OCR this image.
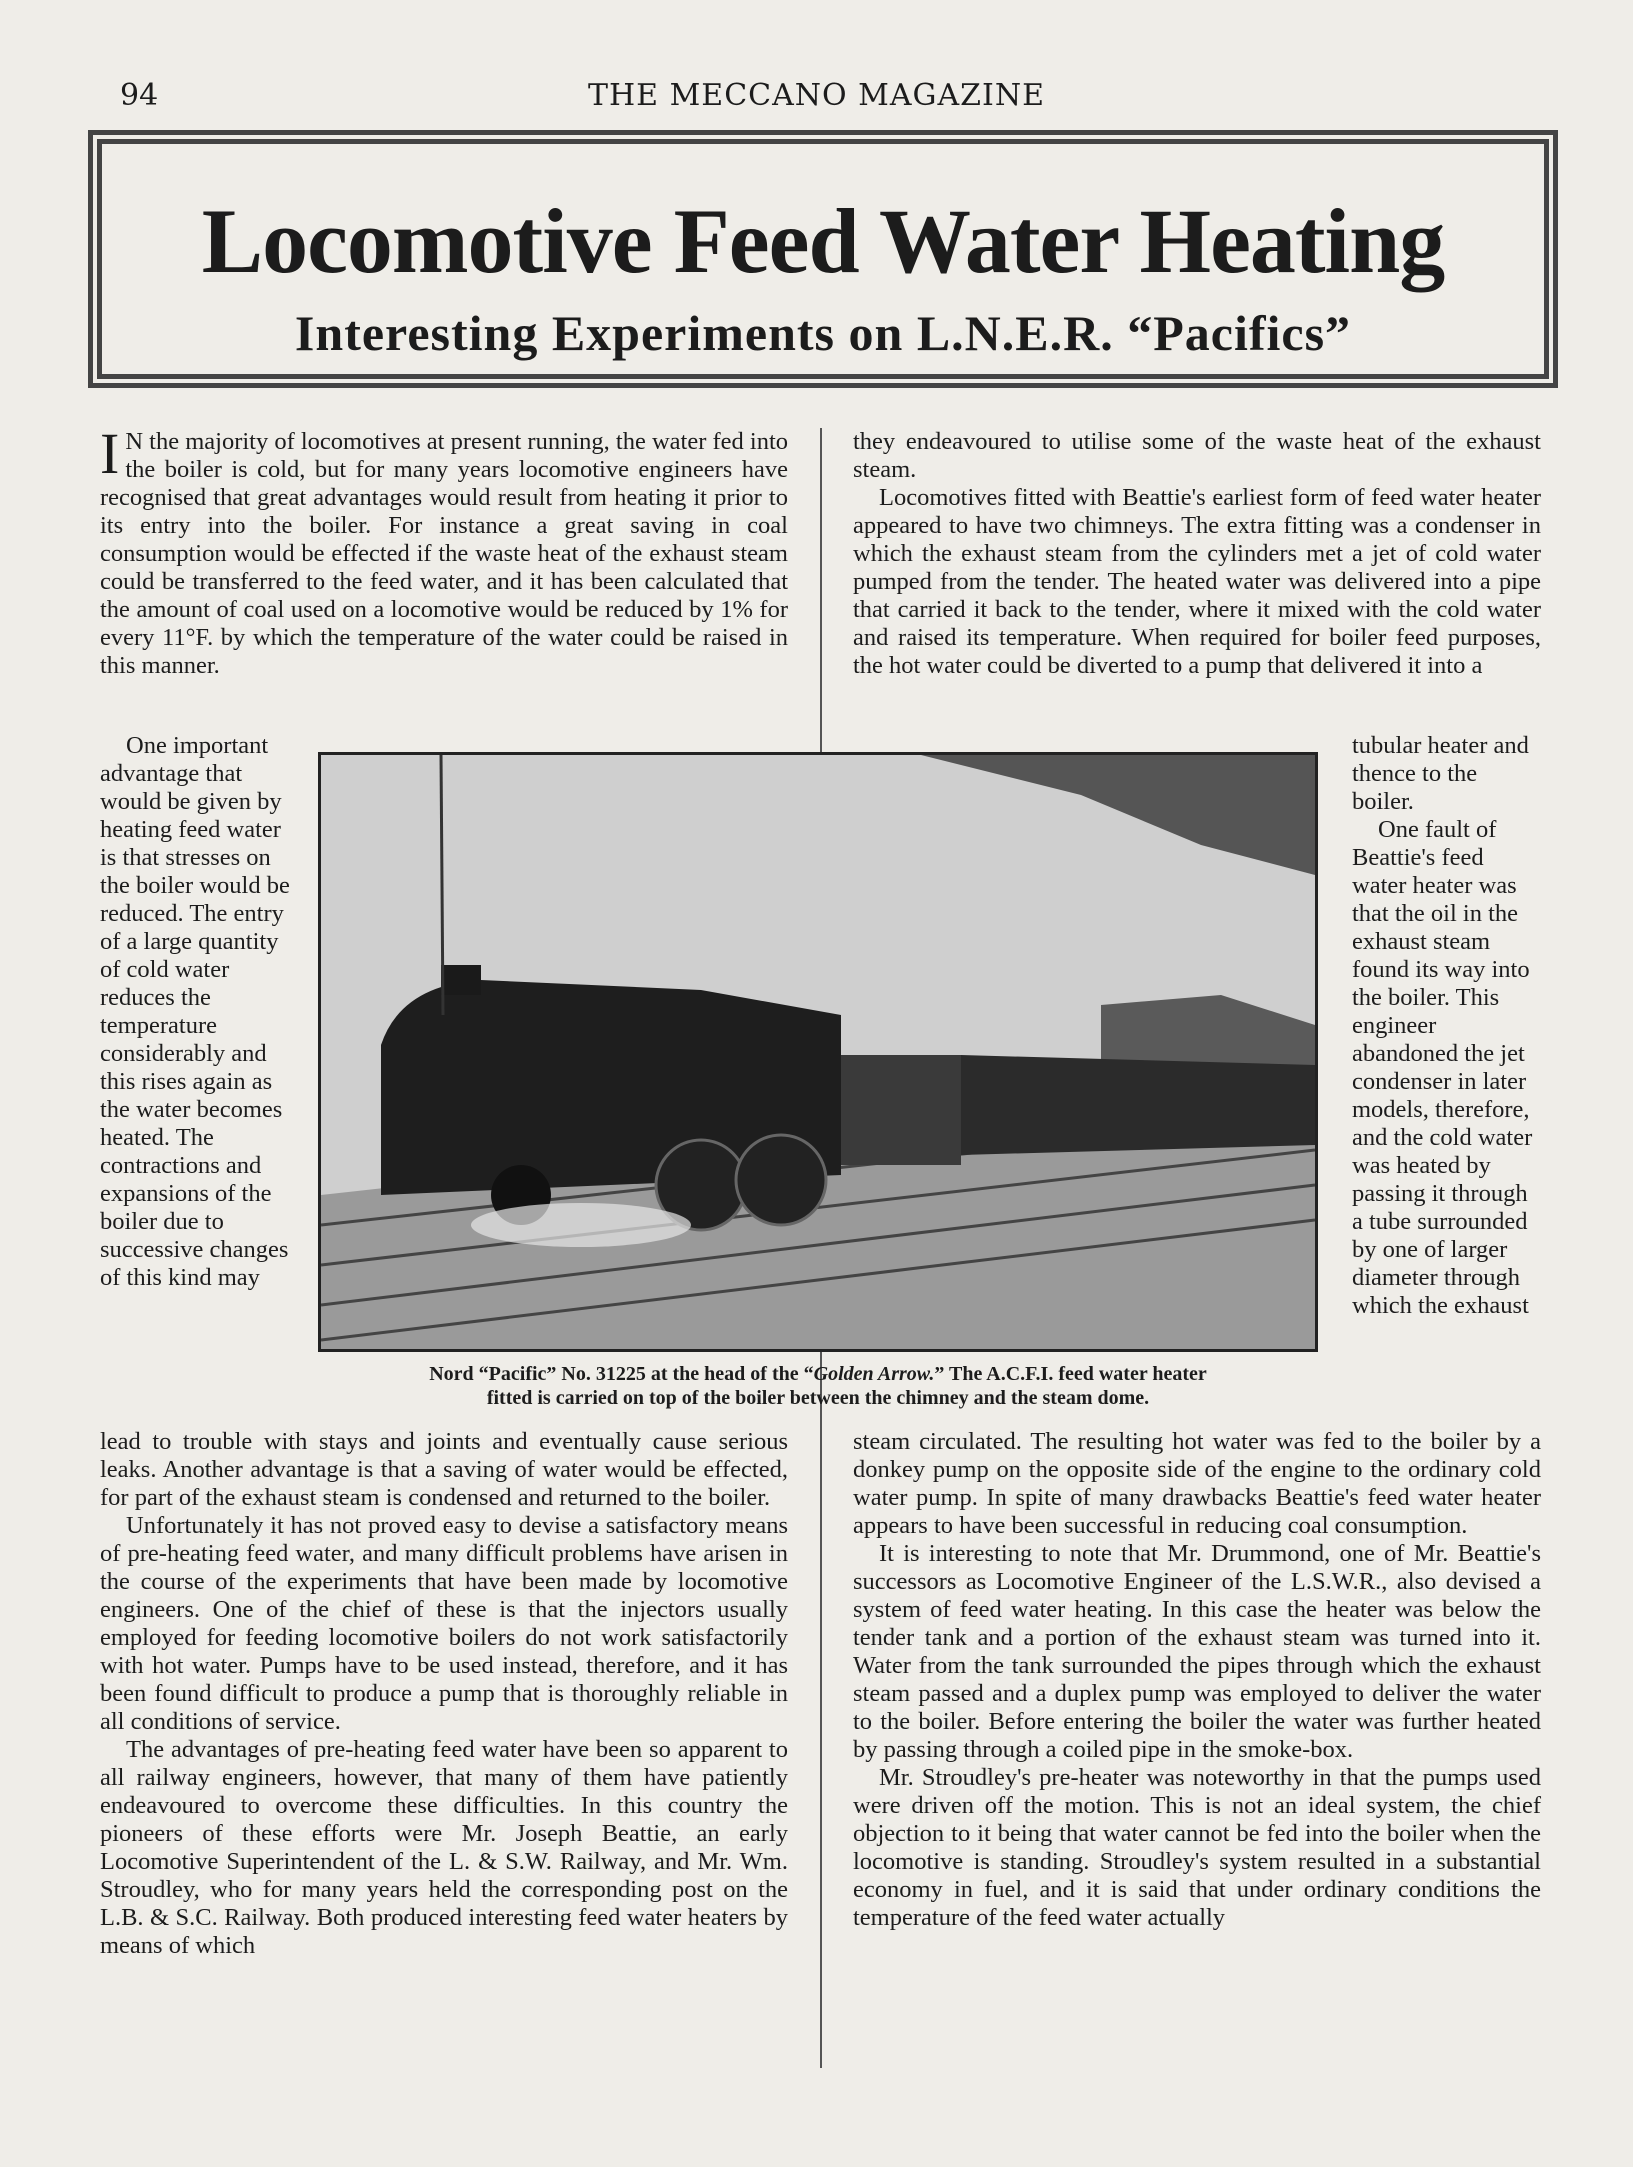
94	THE MECCANO MAGAZINE
Locomotive Feed Water Heating
Interesting Experiments on L.N.E.R. “Pacifics”

I N the majority of locomotives at present running, the water fed into the boiler is cold, but for many years locomotive engineers have recognised that great advantages would result from heating it prior to its entry into the boiler. For instance a great saving in coal consumption would be effected if the waste heat of the exhaust steam could be transferred to the feed water, and it has been calculated that the amount of coal used on a locomotive would be reduced by 1% for every 11°F. by which the temperature of the water could be raised in this manner.

One important advantage that would be given by heating feed water is that stresses on the boiler would be reduced. The entry of a large quantity of cold water reduces the temperature considerably and this rises again as the water becomes heated. The contractions and expansions of the boiler due to successive changes of this kind may

lead to trouble with stays and joints and eventually cause serious leaks. Another advantage is that a saving of water would be effected, for part of the exhaust steam is condensed and returned to the boiler.

Unfortunately it has not proved easy to devise a satisfactory means of pre-heating feed water, and many difficult problems have arisen in the course of the experiments that have been made by locomotive engineers. One of the chief of these is that the injectors usually employed for feeding locomotive boilers do not work satisfactorily with hot water. Pumps have to be used instead, therefore, and it has been found difficult to produce a pump that is thoroughly reliable in all conditions of service.

The advantages of pre-heating feed water have been so apparent to all railway engineers, however, that many of them have patiently endeavoured to overcome these difficulties. In this country the pioneers of these efforts were Mr. Joseph Beattie, an early Locomotive Superintendent of the L. & S.W. Railway, and Mr. Wm. Stroudley, who for many years held the corresponding post on the L.B. & S.C. Railway. Both produced interesting feed water heaters by means of which

they endeavoured to utilise some of the waste heat of the exhaust steam.

Locomotives fitted with Beattie's earliest form of feed water heater appeared to have two chimneys. The extra fitting was a condenser in which the exhaust steam from the cylinders met a jet of cold water pumped from the tender. The heated water was delivered into a pipe that carried it back to the tender, where it mixed with the cold water and raised its temperature. When required for boiler feed purposes, the hot water could be diverted to a pump that delivered it into a

tubular heater and thence to the boiler.

One fault of Beattie's feed water heater was that the oil in the exhaust steam found its way into the boiler. This engineer abandoned the jet condenser in later models, therefore, and the cold water was heated by passing it through a tube surrounded by one of larger diameter through which the exhaust

steam circulated. The resulting hot water was fed to the boiler by a donkey pump on the opposite side of the engine to the ordinary cold water pump. In spite of many drawbacks Beattie's feed water heater appears to have been successful in reducing coal consumption.

It is interesting to note that Mr. Drummond, one of Mr. Beattie's successors as Locomotive Engineer of the L.S.W.R., also devised a system of feed water heating. In this case the heater was below the tender tank and a portion of the exhaust steam was turned into it. Water from the tank surrounded the pipes through which the exhaust steam passed and a duplex pump was employed to deliver the water to the boiler. Before entering the boiler the water was further heated by passing through a coiled pipe in the smoke-box.

Mr. Stroudley's pre-heater was noteworthy in that the pumps used were driven off the motion. This is not an ideal system, the chief objection to it being that water cannot be fed into the boiler when the locomotive is standing. Stroudley's system resulted in a substantial economy in fuel, and it is said that under ordinary conditions the temperature of the feed water actually

Nord “Pacific” No. 31225 at the head of the “Golden Arrow.” The A.C.F.I. feed water heater
fitted is carried on top of the boiler between the chimney and the steam dome.
